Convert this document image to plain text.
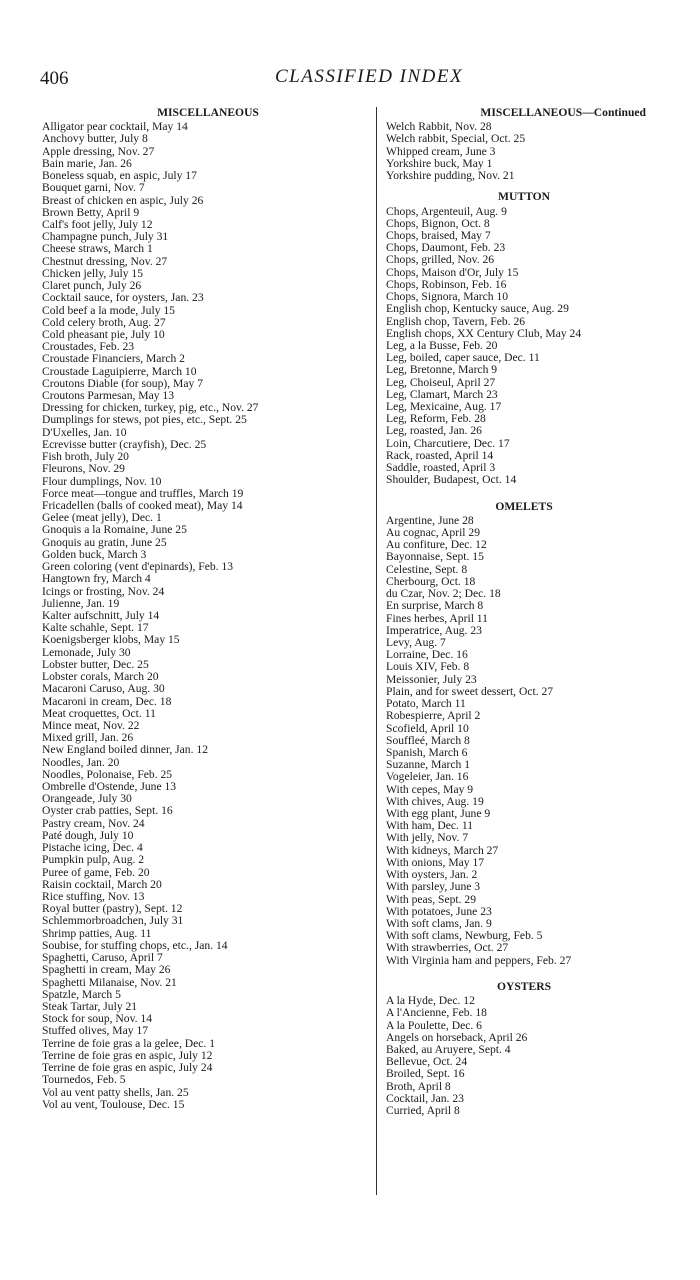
406	CLASSIFIED INDEX
MISCELLANEOUS
Alligator pear cocktail, May 14
Anchovy butter, July 8
Apple dressing, Nov. 27
Bain marie, Jan. 26
Boneless squab, en aspic, July 17
Bouquet garni, Nov. 7
Breast of chicken en aspic, July 26
Brown Betty, April 9
Calf's foot jelly, July 12
Champagne punch, July 31
Cheese straws, March 1
Chestnut dressing, Nov. 27
Chicken jelly, July 15
Claret punch, July 26
Cocktail sauce, for oysters, Jan. 23
Cold beef a la mode, July 15
Cold celery broth, Aug. 27
Cold pheasant pie, July 10
Croustades, Feb. 23
Croustade Financiers, March 2
Croustade Laguipierre, March 10
Croutons Diable (for soup), May 7
Croutons Parmesan, May 13
Dressing for chicken, turkey, pig, etc., Nov. 27
Dumplings for stews, pot pies, etc., Sept. 25
D'Uxelles, Jan. 10
Ecrevisse butter (crayfish), Dec. 25
Fish broth, July 20
Fleurons, Nov. 29
Flour dumplings, Nov. 10
Force meat—tongue and truffles, March 19
Fricadellen (balls of cooked meat), May 14
Gelee (meat jelly), Dec. 1
Gnoquis a la Romaine, June 25
Gnoquis au gratin, June 25
Golden buck, March 3
Green coloring (vent d'epinards), Feb. 13
Hangtown fry, March 4
Icings or frosting, Nov. 24
Julienne, Jan. 19
Kalter aufschnitt, July 14
Kalte schahle, Sept. 17
Koenigsberger klobs, May 15
Lemonade, July 30
Lobster butter, Dec. 25
Lobster corals, March 20
Macaroni Caruso, Aug. 30
Macaroni in cream, Dec. 18
Meat croquettes, Oct. 11
Mince meat, Nov. 22
Mixed grill, Jan. 26
New England boiled dinner, Jan. 12
Noodles, Jan. 20
Noodles, Polonaise, Feb. 25
Ombrelle d'Ostende, June 13
Orangeade, July 30
Oyster crab patties, Sept. 16
Pastry cream, Nov. 24
Paté dough, July 10
Pistache icing, Dec. 4
Pumpkin pulp, Aug. 2
Puree of game, Feb. 20
Raisin cocktail, March 20
Rice stuffing, Nov. 13
Royal butter (pastry), Sept. 12
Schlemmorbroadchen, July 31
Shrimp patties, Aug. 11
Soubise, for stuffing chops, etc., Jan. 14
Spaghetti, Caruso, April 7
Spaghetti in cream, May 26
Spaghetti Milanaise, Nov. 21
Spatzle, March 5
Steak Tartar, July 21
Stock for soup, Nov. 14
Stuffed olives, May 17
Terrine de foie gras a la gelee, Dec. 1
Terrine de foie gras en aspic, July 12
Terrine de foie gras en aspic, July 24
Tournedos, Feb. 5
Vol au vent patty shells, Jan. 25
Vol au vent, Toulouse, Dec. 15
MISCELLANEOUS—Continued
Welch Rabbit, Nov. 28
Welch rabbit, Special, Oct. 25
Whipped cream, June 3
Yorkshire buck, May 1
Yorkshire pudding, Nov. 21
MUTTON
Chops, Argenteuil, Aug. 9
Chops, Bignon, Oct. 8
Chops, braised, May 7
Chops, Daumont, Feb. 23
Chops, grilled, Nov. 26
Chops, Maison d'Or, July 15
Chops, Robinson, Feb. 16
Chops, Signora, March 10
English chop, Kentucky sauce, Aug. 29
English chop, Tavern, Feb. 26
English chops, XX Century Club, May 24
Leg, a la Busse, Feb. 20
Leg, boiled, caper sauce, Dec. 11
Leg, Bretonne, March 9
Leg, Choiseul, April 27
Leg, Clamart, March 23
Leg, Mexicaine, Aug. 17
Leg, Reform, Feb. 28
Leg, roasted, Jan. 26
Loin, Charcutiere, Dec. 17
Rack, roasted, April 14
Saddle, roasted, April 3
Shoulder, Budapest, Oct. 14
OMELETS
Argentine, June 28
Au cognac, April 29
Au confiture, Dec. 12
Bayonnaise, Sept. 15
Celestine, Sept. 8
Cherbourg, Oct. 18
du Czar, Nov. 2; Dec. 18
En surprise, March 8
Fines herbes, April 11
Imperatrice, Aug. 23
Levy, Aug. 7
Lorraine, Dec. 16
Louis XIV, Feb. 8
Meissonier, July 23
Plain, and for sweet dessert, Oct. 27
Potato, March 11
Robespierre, April 2
Scofield, April 10
Souffleé, March 8
Spanish, March 6
Suzanne, March 1
Vogeleier, Jan. 16
With cepes, May 9
With chives, Aug. 19
With egg plant, June 9
With ham, Dec. 11
With jelly, Nov. 7
With kidneys, March 27
With onions, May 17
With oysters, Jan. 2
With parsley, June 3
With peas, Sept. 29
With potatoes, June 23
With soft clams, Jan. 9
With soft clams, Newburg, Feb. 5
With strawberries, Oct. 27
With Virginia ham and peppers, Feb. 27
OYSTERS
A la Hyde, Dec. 12
A l'Ancienne, Feb. 18
A la Poulette, Dec. 6
Angels on horseback, April 26
Baked, au Aruyere, Sept. 4
Bellevue, Oct. 24
Broiled, Sept. 16
Broth, April 8
Cocktail, Jan. 23
Curried, April 8
